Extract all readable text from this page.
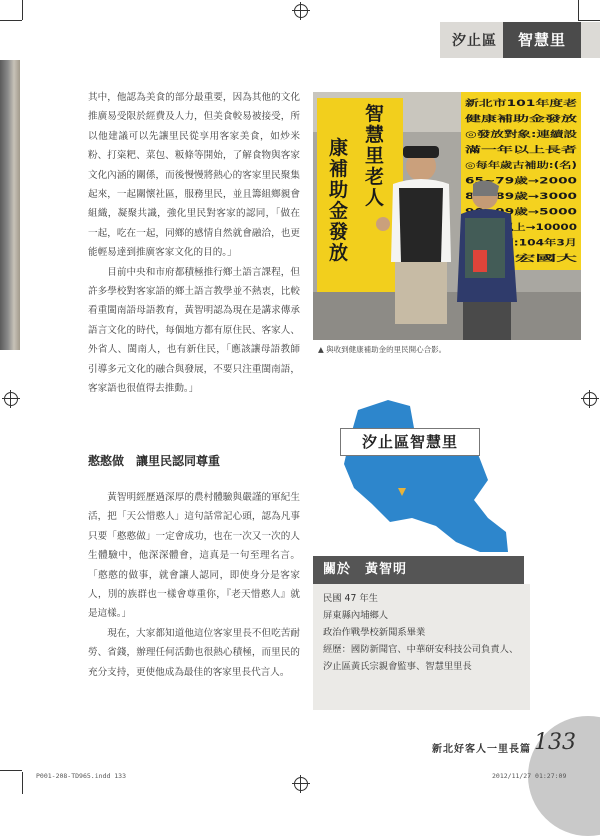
汐止區	智慧里

其中，他認為美食的部分最重要，因為其他的文化推廣易受限於經費及人力，但美食較易被接受，所以他建議可以先讓里民從享用客家美食，如炒米粉、打粢粑、菜包、粄條等開始，了解食物與客家文化內涵的關係，而後慢慢將熱心的客家里民聚集起來，一起關懷社區，服務里民，並且籌組鄉親會組織，凝聚共識，強化里民對客家的認同，「做在一起，吃在一起，同鄉的感情自然就會融洽，也更能輕易達到推廣客家文化的目的。」

目前中央和市府都積極推行鄉土語言課程，但許多學校對客家語的鄉土語言教學並不熱衷，比較看重閩南語母語教育，黃智明認為現在是講求傳承語言文化的時代，每個地方都有原住民、客家人、外省人、閩南人，也有新住民，「應該讓母語教師引導多元文化的融合與發展，不要只注重閩南語，客家語也很值得去推動。」

憨憨做　讓里民認同尊重

黃智明經歷過深厚的農村體驗與嚴謹的軍紀生活，把「天公惜憨人」這句話常記心頭，認為凡事只要「憨憨做」一定會成功，也在一次又一次的人生體驗中，他深深體會，這真是一句至理名言。「憨憨的做事，就會讓人認同，即使身分是客家人，別的族群也一樣會尊重你，『老天惜憨人』就是這樣。」

現在，大家都知道他這位客家里長不但吃苦耐勞、省錢，辦理任何活動也很熱心積極，而里民的充分支持，更使他成為最佳的客家里長代言人。

智
慧
里
老
人
康
補
助
金
發
放
新北市101年度老
健康補助金發放
◎發放對象:連續設
滿一年以上長者
◎每年歲古補助:(名)
65~79歲→2000
80~89歲→3000
▲ 與收到健康補助金的里民開心合影。
汐止區智慧里
關於 黃智明
民國 47 年生
屏東縣內埔鄉人
政治作戰學校新聞系畢業
經歷：國防新聞官、中華研安科技公司負責人、汐止區黃氏宗親會監事、智慧里里長
新北好客人一里長篇 133
P001-208-TD965.indd 133	2012/11/27 01:27:09
